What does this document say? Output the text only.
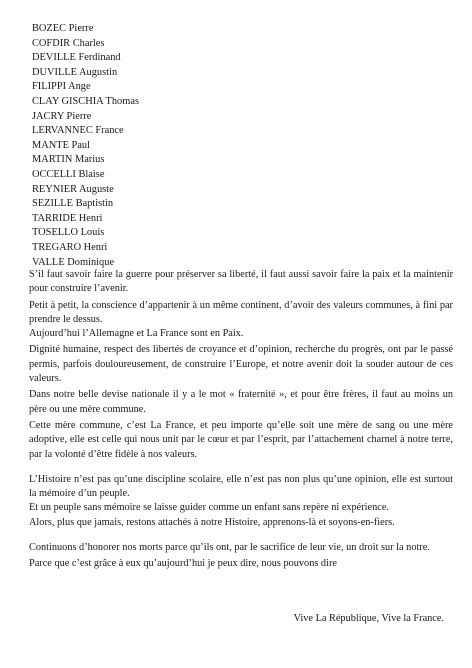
BOZEC Pierre
COFDIR Charles
DEVILLE Ferdinand
DUVILLE Augustin
FILIPPI Ange
CLAY GISCHIA Thomas
JACRY Pierre
LERVANNEC France
MANTE Paul
MARTIN Marius
OCCELLI Blaise
REYNIER Auguste
SEZILLE Baptistin
TARRIDE Henri
TOSELLO Louis
TREGARO Henri
VALLE Dominique

S’il faut savoir faire la guerre pour préserver sa liberté, il faut aussi savoir faire la paix et la maintenir pour construire l’avenir.

Petit à petit, la conscience d’appartenir à un même continent, d’avoir des valeurs communes, à fini par prendre le dessus.

Aujourd’hui l’Allemagne et La France sont en Paix.

Dignité humaine, respect des libertés de croyance et d’opinion, recherche du progrès, ont par le passé permis, parfois douloureusement, de construire l’Europe, et notre avenir doit la souder autour de ces valeurs.

Dans notre belle devise nationale il y a le mot « fraternité », et pour être frères, il faut au moins un père ou une mère commune.

Cette mère commune, c’est La France, et peu importe qu’elle soit une mère de sang ou une mère adoptive, elle est celle qui nous unit par le cœur et par l’esprit, par l’attachement charnel à notre terre, par la volonté d’être fidèle à nos valeurs.

L’Histoire n’est pas qu’une discipline scolaire, elle n’est pas non plus qu’une opinion, elle est surtout la mémoire d’un peuple.

Et un peuple sans mémoire se laisse guider comme un enfant sans repère ni expérience.

Alors, plus que jamais, restons attachés à notre Histoire, apprenons-là et soyons-en-fiers.

Continuons d’honorer nos morts parce qu’ils ont, par le sacrifice de leur vie, un droit sur la notre.

Parce que c’est grâce à eux qu’aujourd’hui je peux dire, nous pouvons dire

Vive La République, Vive la France.
